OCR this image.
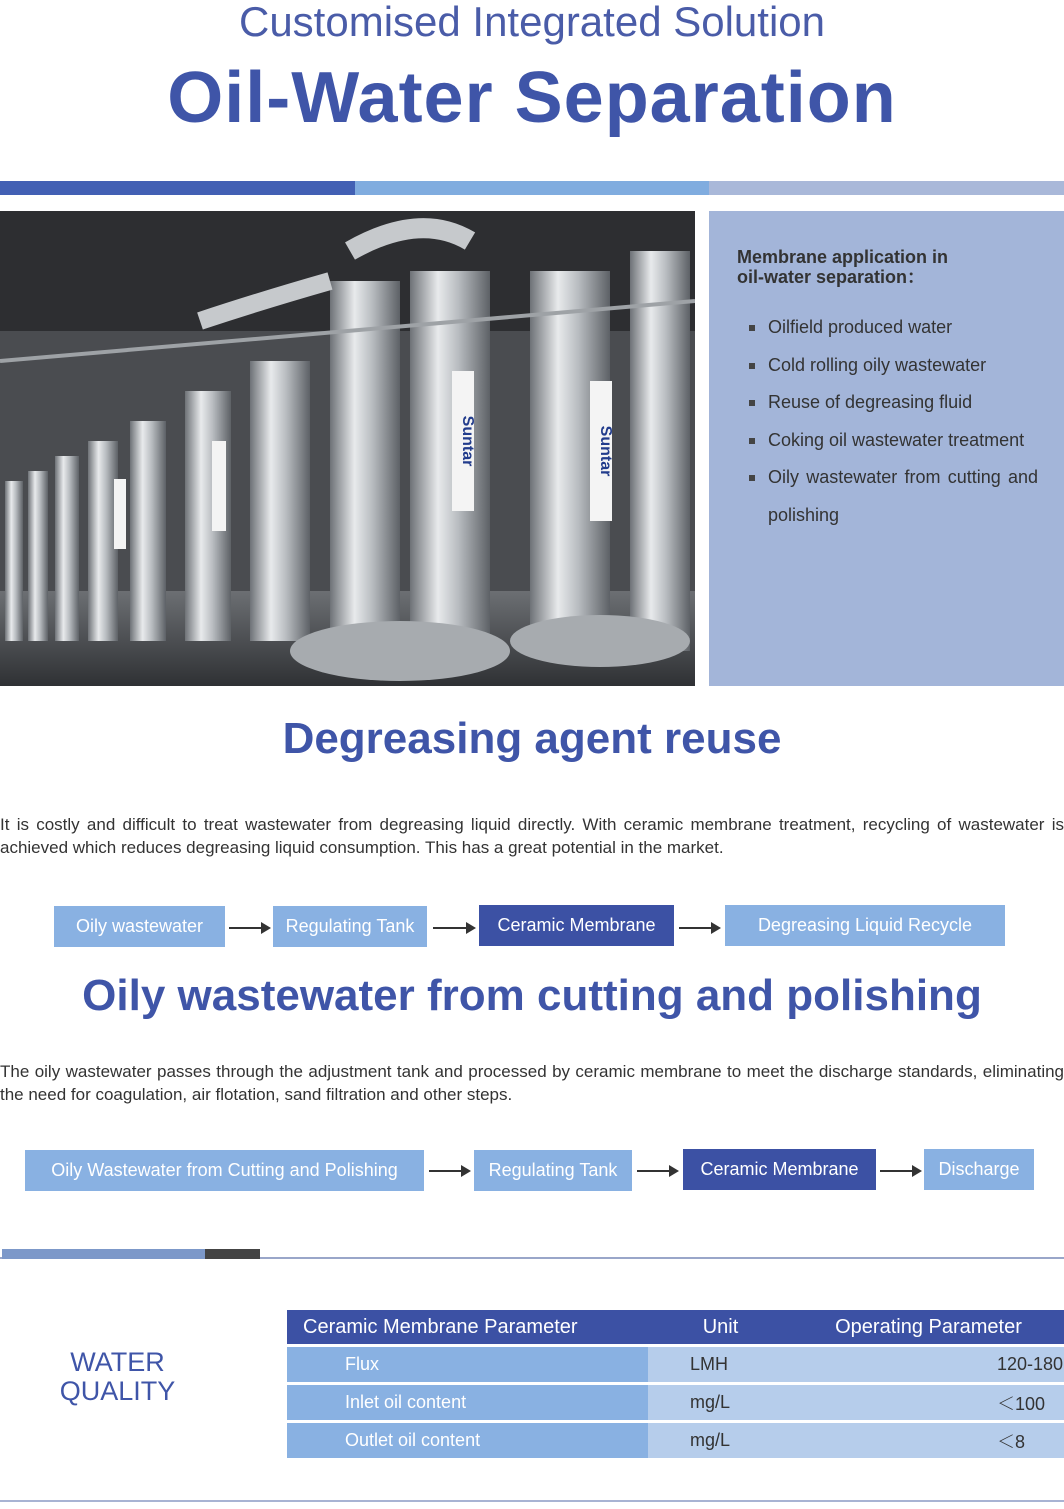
Customised Integrated Solution
Oil-Water Separation
Suntar	Suntar
Membrane application in
oil-water separation：
Oilfield produced water
Cold rolling oily wastewater
Reuse of degreasing fluid
Coking oil wastewater treatment
Oily wastewater from cutting and polishing
Degreasing agent reuse
It is costly and difficult to treat wastewater from degreasing liquid directly. With ceramic membrane treatment, recycling of wastewater is achieved which reduces degreasing liquid consumption. This has a great potential in the market.
Oily wastewater	Regulating Tank	Ceramic Membrane	Degreasing Liquid Recycle
Oily wastewater from cutting and polishing
The oily wastewater passes through the adjustment tank and processed by ceramic membrane to meet the discharge standards, eliminating the need for coagulation, air flotation, sand filtration and other steps.
Oily Wastewater from Cutting and Polishing	Regulating Tank	Ceramic Membrane	Discharge
WATER
QUALITY
Ceramic Membrane Parameter	Unit	Operating Parameter
Flux	LMH	120-180
Inlet oil content	mg/L	＜100
Outlet oil content	mg/L	＜8
